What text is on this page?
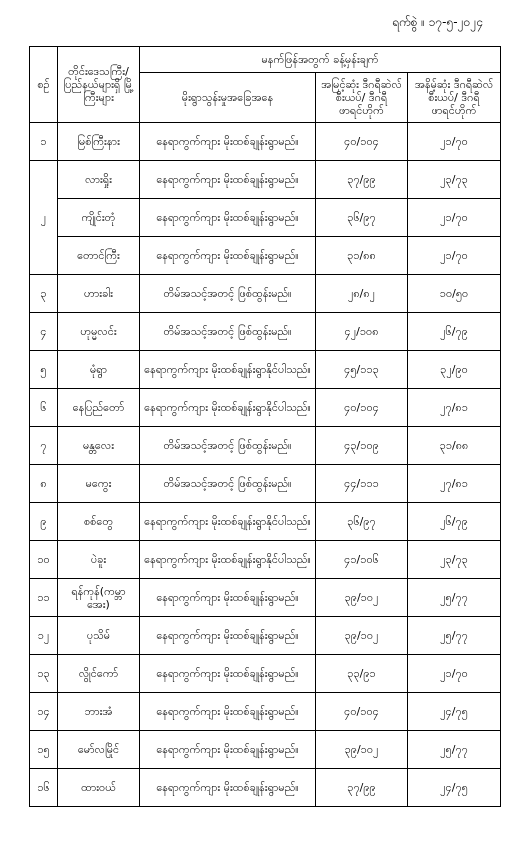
ရက်စွဲ ။ ၁၇-၅-၂၀၂၄
စဉ်	တိုင်းဒေသကြီး/ ပြည်နယ်များရှိ မြို့ကြီးများ	မနက်ဖြန်အတွက် ခန့်မှန်းချက်		
		မိုးရွာသွန်းမှုအခြေအနေ	အမြင့်ဆုံး ဒီဂရီဆဲလ်စီးယပ်/ ဒီဂရီဖာရင်ဟိုက်	အနိမ့်ဆုံး ဒီဂရီဆဲလ်စီးယပ်/ ဒီဂရီဖာရင်ဟိုက်
၁	မြစ်ကြီးနား	နေရာကွက်ကျား မိုးထစ်ချုန်းရွာမည်။	၄၀/၁၀၄	၂၁/၇၀
၂	လားရှိုး	နေရာကွက်ကျား မိုးထစ်ချုန်းရွာမည်။	၃၇/၉၉	၂၃/၇၃
	ကျိုင်းတုံ	နေရာကွက်ကျား မိုးထစ်ချုန်းရွာမည်။	၃၆/၉၇	၂၁/၇၀
	တောင်ကြီး	နေရာကွက်ကျား မိုးထစ်ချုန်းရွာမည်။	၃၁/၈၈	၂၁/၇၀
၃	ဟားခါး	တိမ်အသင့်အတင့် ဖြစ်ထွန်းမည်။	၂၈/၈၂	၁၀/၅၀
၄	ဟုမ္မလင်း	တိမ်အသင့်အတင့် ဖြစ်ထွန်းမည်။	၄၂/၁၀၈	၂၆/၇၉
၅	မုံရွာ	နေရာကွက်ကျား မိုးထစ်ချုန်းရွာနိုင်ပါသည်။	၄၅/၁၁၃	၃၂/၉၀
၆	နေပြည်တော်	နေရာကွက်ကျား မိုးထစ်ချုန်းရွာနိုင်ပါသည်။	၄၀/၁၀၄	၂၇/၈၁
၇	မန္တလေး	တိမ်အသင့်အတင့် ဖြစ်ထွန်းမည်။	၄၃/၁၀၉	၃၁/၈၈
၈	မကွေး	တိမ်အသင့်အတင့် ဖြစ်ထွန်းမည်။	၄၄/၁၁၁	၂၇/၈၁
၉	စစ်တွေ	နေရာကွက်ကျား မိုးထစ်ချုန်းရွာနိုင်ပါသည်။	၃၆/၉၇	၂၆/၇၉
၁၀	ပဲခူး	နေရာကွက်ကျား မိုးထစ်ချုန်းရွာနိုင်ပါသည်။	၄၁/၁၀၆	၂၃/၇၃
၁၁	ရန်ကုန်(ကမ္ဘာအေး)	နေရာကွက်ကျား မိုးထစ်ချုန်းရွာမည်။	၃၉/၁၀၂	၂၅/၇၇
၁၂	ပုသိမ်	နေရာကွက်ကျား မိုးထစ်ချုန်းရွာမည်။	၃၉/၁၀၂	၂၅/၇၇
၁၃	လွိုင်ကော်	နေရာကွက်ကျား မိုးထစ်ချုန်းရွာမည်။	၃၃/၉၁	၂၁/၇၀
၁၄	ဘားအံ	နေရာကွက်ကျား မိုးထစ်ချုန်းရွာမည်။	၄၀/၁၀၄	၂၄/၇၅
၁၅	မော်လမြိုင်	နေရာကွက်ကျား မိုးထစ်ချုန်းရွာမည်။	၃၉/၁၀၂	၂၅/၇၇
၁၆	ထားဝယ်	နေရာကွက်ကျား မိုးထစ်ချုန်းရွာမည်။	၃၇/၉၉	၂၄/၇၅
